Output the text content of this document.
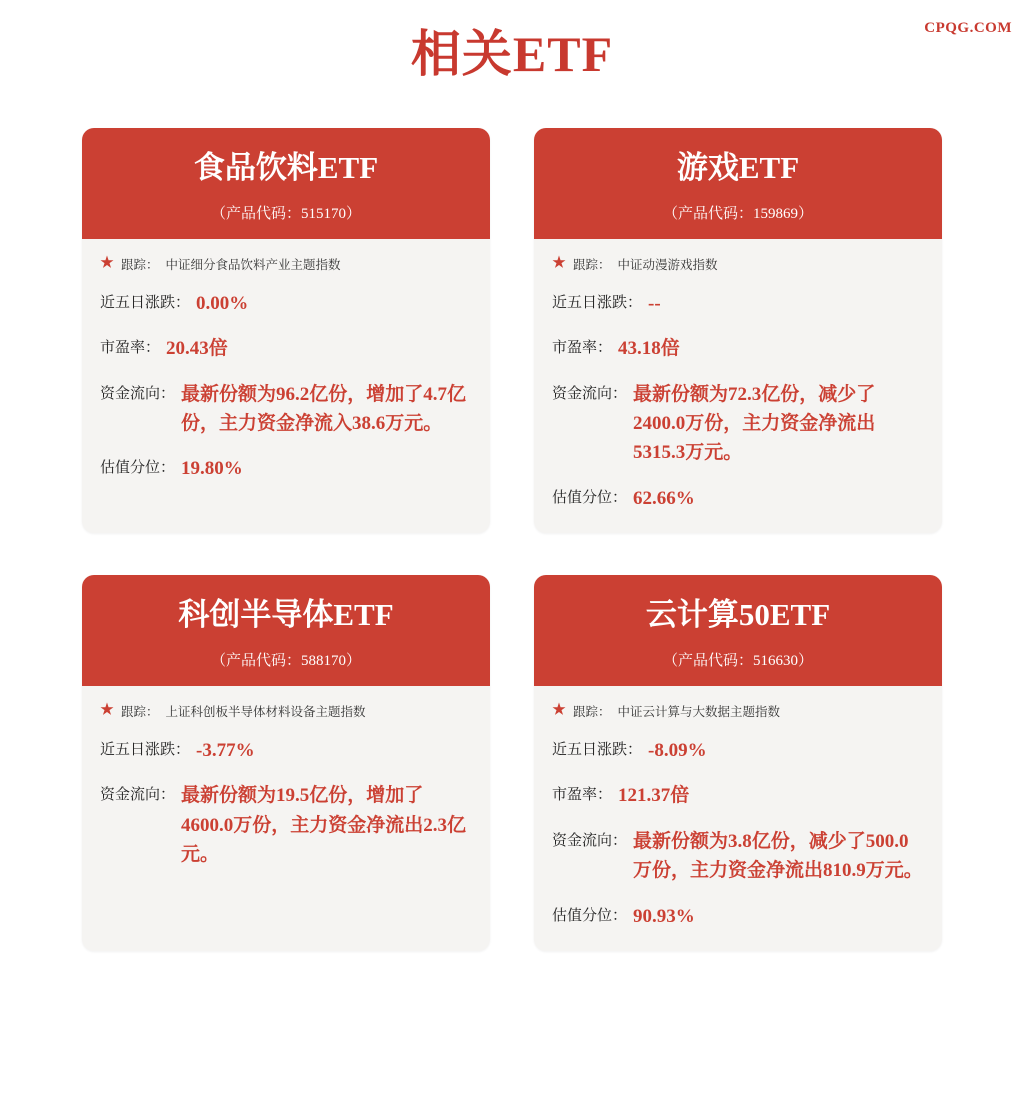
CPQG.COM
相关ETF
食品饮料ETF
（产品代码：515170）
★ 跟踪： 中证细分食品饮料产业主题指数
近五日涨跌： 0.00%
市盈率： 20.43倍
资金流向： 最新份额为96.2亿份，增加了4.7亿份，主力资金净流入38.6万元。
估值分位： 19.80%
游戏ETF
（产品代码：159869）
★ 跟踪： 中证动漫游戏指数
近五日涨跌： --
市盈率： 43.18倍
资金流向： 最新份额为72.3亿份，减少了2400.0万份，主力资金净流出5315.3万元。
估值分位： 62.66%
科创半导体ETF
（产品代码：588170）
★ 跟踪： 上证科创板半导体材料设备主题指数
近五日涨跌： -3.77%
资金流向： 最新份额为19.5亿份，增加了4600.0万份，主力资金净流出2.3亿元。
云计算50ETF
（产品代码：516630）
★ 跟踪： 中证云计算与大数据主题指数
近五日涨跌： -8.09%
市盈率： 121.37倍
资金流向： 最新份额为3.8亿份，减少了500.0万份，主力资金净流出810.9万元。
估值分位： 90.93%
